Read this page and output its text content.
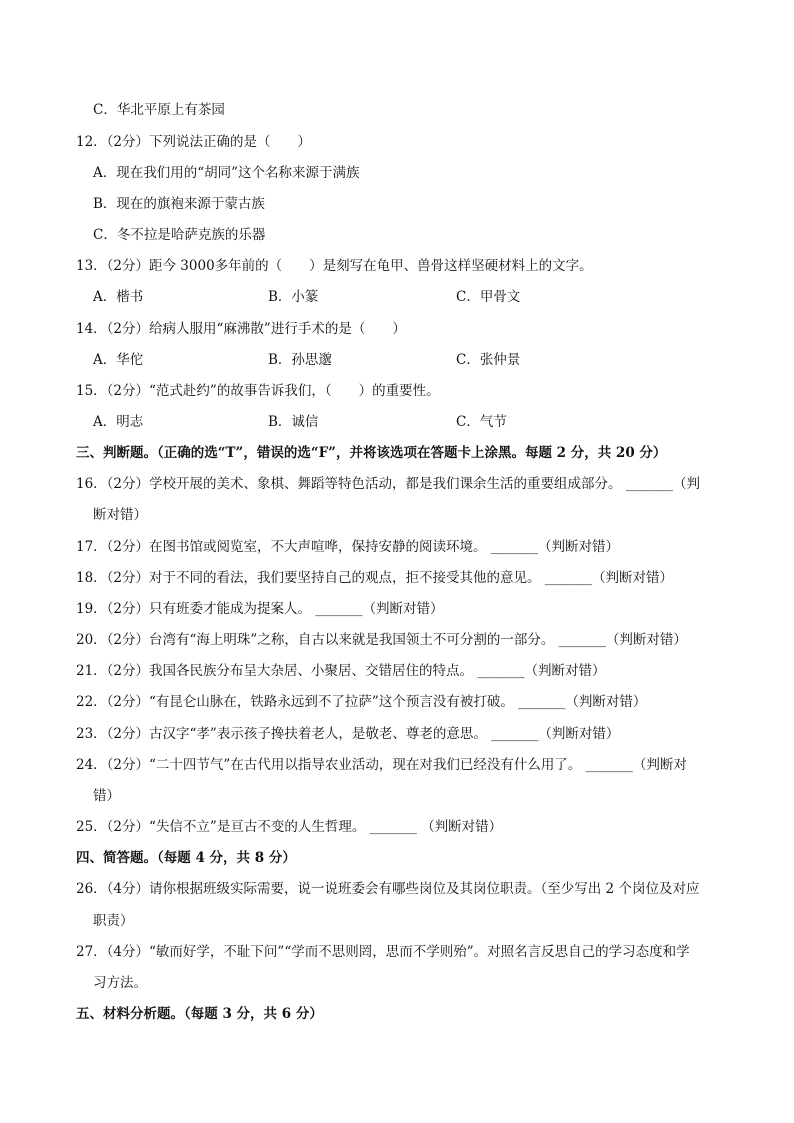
C．华北平原上有茶园
12．（2分）下列说法正确的是（　　）
A．现在我们用的“胡同”这个名称来源于满族
B．现在的旗袍来源于蒙古族
C．冬不拉是哈萨克族的乐器
13．（2分）距今 3000多年前的（　　）是刻写在龟甲、兽骨这样坚硬材料上的文字。
A．楷书	B．小篆	C．甲骨文
14．（2分）给病人服用“麻沸散”进行手术的是（　　）
A．华佗	B．孙思邈	C．张仲景
15．（2分）“范式赴约”的故事告诉我们，（　　）的重要性。
A．明志	B．诚信	C．气节
三、判断题。（正确的选“T”，错误的选“F”，并将该选项在答题卡上涂黑。每题 2 分，共 20 分）
16．（2分）学校开展的美术、象棋、舞蹈等特色活动，都是我们课余生活的重要组成部分。 _______（判
断对错）
17．（2分）在图书馆或阅览室，不大声喧哗，保持安静的阅读环境。 _______（判断对错）
18．（2分）对于不同的看法，我们要坚持自己的观点，拒不接受其他的意见。 _______（判断对错）
19．（2分）只有班委才能成为提案人。 _______（判断对错）
20．（2分）台湾有“海上明珠”之称，自古以来就是我国领土不可分割的一部分。 _______（判断对错）
21．（2分）我国各民族分布呈大杂居、小聚居、交错居住的特点。 _______（判断对错）
22．（2分）“有昆仑山脉在，铁路永远到不了拉萨”这个预言没有被打破。 _______（判断对错）
23．（2分）古汉字“孝”表示孩子搀扶着老人，是敬老、尊老的意思。 _______（判断对错）
24．（2分）“二十四节气”在古代用以指导农业活动，现在对我们已经没有什么用了。 _______（判断对
错）
25．（2分）“失信不立”是亘古不变的人生哲理。 _______ （判断对错）
四、简答题。（每题 4 分，共 8 分）
26．（4分）请你根据班级实际需要，说一说班委会有哪些岗位及其岗位职责。（至少写出 2 个岗位及对应
职责）
27．（4分）“敏而好学，不耻下问”“学而不思则罔，思而不学则殆”。对照名言反思自己的学习态度和学
习方法。
五、材料分析题。（每题 3 分，共 6 分）
